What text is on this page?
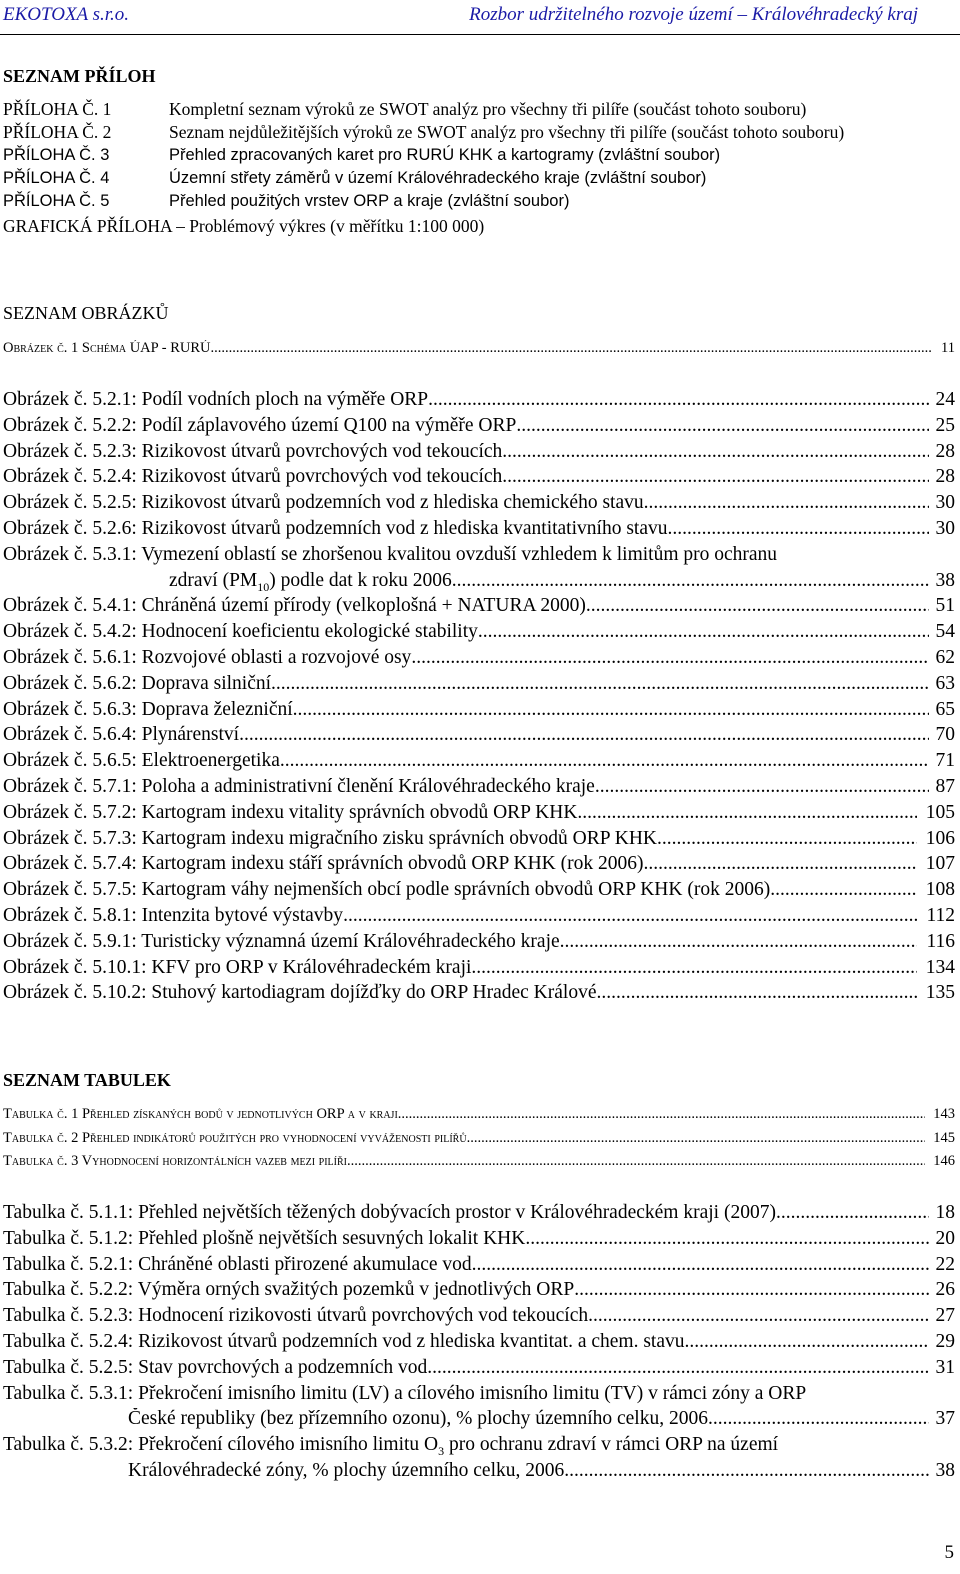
EKOTOXA s.r.o.	Rozbor udržitelného rozvoje území – Královéhradecký kraj
SEZNAM PŘÍLOH
PŘÍLOHA Č. 1	Kompletní seznam výroků ze SWOT analýz pro všechny tři pilíře (součást tohoto souboru)
PŘÍLOHA Č. 2	Seznam nejdůležitějších výroků ze SWOT analýz pro všechny tři pilíře (součást tohoto souboru)
PŘÍLOHA Č. 3	Přehled zpracovaných karet pro RURÚ KHK a kartogramy (zvláštní soubor)
PŘÍLOHA Č. 4	Územní střety záměrů v území Královéhradeckého kraje (zvláštní soubor)
PŘÍLOHA Č. 5	Přehled použitých vrstev ORP a kraje (zvláštní soubor)
GRAFICKÁ PŘÍLOHA – Problémový výkres (v měřítku 1:100 000)
SEZNAM OBRÁZKŮ
Obrázek č. 1 Schéma ÚAP - RURÚ .....	11
Obrázek č. 5.2.1: Podíl vodních ploch na výměře ORP .....	24
Obrázek č. 5.2.2: Podíl záplavového území Q100 na výměře ORP .....	25
Obrázek č. 5.2.3: Rizikovost útvarů povrchových vod tekoucích .....	28
Obrázek č. 5.2.4: Rizikovost útvarů povrchových vod tekoucích .....	28
Obrázek č. 5.2.5: Rizikovost útvarů podzemních vod z hlediska chemického stavu .....	30
Obrázek č. 5.2.6: Rizikovost útvarů podzemních vod z hlediska kvantitativního stavu .....	30
Obrázek č. 5.3.1: Vymezení oblastí se zhoršenou kvalitou ovzduší vzhledem k limitům pro ochranu
zdraví $(PM_{10})$ podle dat k roku 2006 .....	38
Obrázek č. 5.4.1: Chráněná území přírody (velkoplošná + NATURA 2000) .....	51
Obrázek č. 5.4.2: Hodnocení koeficientu ekologické stability .....	54
Obrázek č. 5.6.1: Rozvojové oblasti a rozvojové osy .....	62
Obrázek č. 5.6.2: Doprava silniční .....	63
Obrázek č. 5.6.3: Doprava železniční .....	65
Obrázek č. 5.6.4: Plynárenství .....	70
Obrázek č. 5.6.5: Elektroenergetika .....	71
Obrázek č. 5.7.1: Poloha a administrativní členění Královéhradeckého kraje .....	87
Obrázek č. 5.7.2: Kartogram indexu vitality správních obvodů ORP KHK .....	105
Obrázek č. 5.7.3: Kartogram indexu migračního zisku správních obvodů ORP KHK .....	106
Obrázek č. 5.7.4: Kartogram indexu stáří správních obvodů ORP KHK (rok 2006) .....	107
Obrázek č. 5.7.5: Kartogram váhy nejmenších obcí podle správních obvodů ORP KHK (rok 2006) .....	108
Obrázek č. 5.8.1: Intenzita bytové výstavby .....	112
Obrázek č. 5.9.1: Turisticky významná území Královéhradeckého kraje .....	116
Obrázek č. 5.10.1: KFV pro ORP v Královéhradeckém kraji .....	134
Obrázek č. 5.10.2: Stuhový kartodiagram dojížďky do ORP Hradec Králové .....	135
SEZNAM TABULEK
Tabulka č. 1 Přehled získaných bodů v jednotlivých ORP a v kraji .....	143
Tabulka č. 2 Přehled indikátorů použitých pro vyhodnocení vyváženosti pilířů .....	145
Tabulka č. 3 Vyhodnocení horizontálních vazeb mezi pilíři .....	146
Tabulka č. 5.1.1: Přehled největších těžených dobývacích prostor v Královéhradeckém kraji (2007) .....	18
Tabulka č. 5.1.2: Přehled plošně největších sesuvných lokalit KHK .....	20
Tabulka č. 5.2.1: Chráněné oblasti přirozené akumulace vod .....	22
Tabulka č. 5.2.2: Výměra orných svažitých pozemků v jednotlivých ORP .....	26
Tabulka č. 5.2.3: Hodnocení rizikovosti útvarů povrchových vod tekoucích .....	27
Tabulka č. 5.2.4: Rizikovost útvarů podzemních vod z hlediska kvantitat. a chem. stavu .....	29
Tabulka č. 5.2.5: Stav povrchových a podzemních vod .....	31
Tabulka č. 5.3.1: Překročení imisního limitu (LV) a cílového imisního limitu (TV) v rámci zóny a ORP
České republiky (bez přízemního ozonu), % plochy územního celku, 2006 .....	37
Tabulka č. 5.3.2: Překročení cílového imisního limitu $O_3$ pro ochranu zdraví v rámci ORP na území
Královéhradecké zóny, % plochy územního celku, 2006 .....	38
5
